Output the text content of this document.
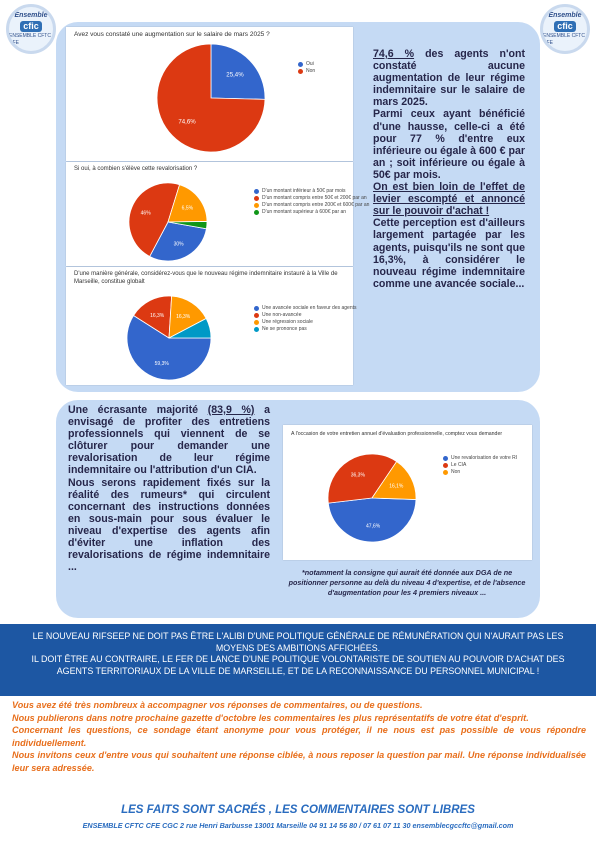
Ensemble
cfic
ENSEMBLE CFTC CFE
Ensemble
cfic
ENSEMBLE CFTC CFE
Avez vous constaté une augmentation sur le salaire de mars 2025 ?
25,4%
74,6%
Oui
Non
Si oui, à combien s'élève cette revalorisation ?
30%
46%
6,5%
D'un montant inférieur à 50€ par mois
D'un montant compris entre 50€ et 200€ par an
D'un montant compris entre 200€ et 600€ par an
D'un montant supérieur à 600€ par an
D'une manière générale, considérez-vous que le nouveau régime indemnitaire instauré à la Ville de Marseille, constitue globalt
59,3%
16,3% 16,3%
Une avancée sociale en faveur des agents
Une non-avancée
Une régression sociale
Ne se prononce pas

74,6 % des agents n'ont constaté aucune augmentation de leur régime indemnitaire sur le salaire de mars 2025.

Parmi ceux ayant bénéficié d'une hausse, celle-ci a été pour 77 % d'entre eux inférieure ou égale à 600 € par an ; soit inférieure ou égale à 50€ par mois.

On est bien loin de l'effet de levier escompté et annoncé sur le pouvoir d'achat !

Cette perception est d'ailleurs largement partagée par les agents, puisqu'ils ne sont que 16,3%, à considérer le nouveau régime indemnitaire comme une avancée sociale...

A l'occasion de votre entretien annuel d'évaluation professionnelle, comptez vous demander
47,6%
36,3%
16,1%
Une revalorisation de votre RI
Le CIA
Non

Une écrasante majorité (83,9 %) a envisagé de profiter des entretiens professionnels qui viennent de se clôturer pour demander une revalorisation de leur régime indemnitaire ou l'attribution d'un CIA.

Nous serons rapidement fixés sur la réalité des rumeurs* qui circulent concernant des instructions données en sous-main pour sous évaluer le niveau d'expertise des agents afin d'éviter une inflation des revalorisations de régime indemnitaire ...	*notamment la consigne qui aurait été donnée aux DGA de ne positionner personne au delà du niveau 4 d'expertise, et de l'absence d'augmentation pour les 4 premiers niveaux ...
LE NOUVEAU RIFSEEP NE DOIT PAS ÊTRE L'ALIBI D'UNE POLITIQUE GÉNÉRALE DE RÉMUNÉRATION QUI N'AURAIT PAS LES MOYENS DES AMBITIONS AFFICHÉES.
IL DOIT ÊTRE AU CONTRAIRE, LE FER DE LANCE D'UNE POLITIQUE VOLONTARISTE DE SOUTIEN AU POUVOIR D'ACHAT DES AGENTS TERRITORIAUX DE LA VILLE DE MARSEILLE, ET DE LA RECONNAISSANCE DU PERSONNEL MUNICIPAL !

Vous avez été très nombreux à accompagner vos réponses de commentaires, ou de questions.

Nous publierons dans notre prochaine gazette d'octobre les commentaires les plus représentatifs de votre état d'esprit.

Concernant les questions, ce sondage étant anonyme pour vous protéger, il ne nous est pas possible de vous répondre individuellement.

Nous invitons ceux d'entre vous qui souhaitent une réponse ciblée, à nous reposer la question par mail. Une réponse individualisée leur sera adressée.

LES FAITS SONT SACRÉS , LES COMMENTAIRES SONT LIBRES
ENSEMBLE CFTC CFE CGC 2 rue Henri Barbusse 13001 Marseille 04 91 14 56 80 / 07 61 07 11 30 ensemblecgccftc@gmail.com
